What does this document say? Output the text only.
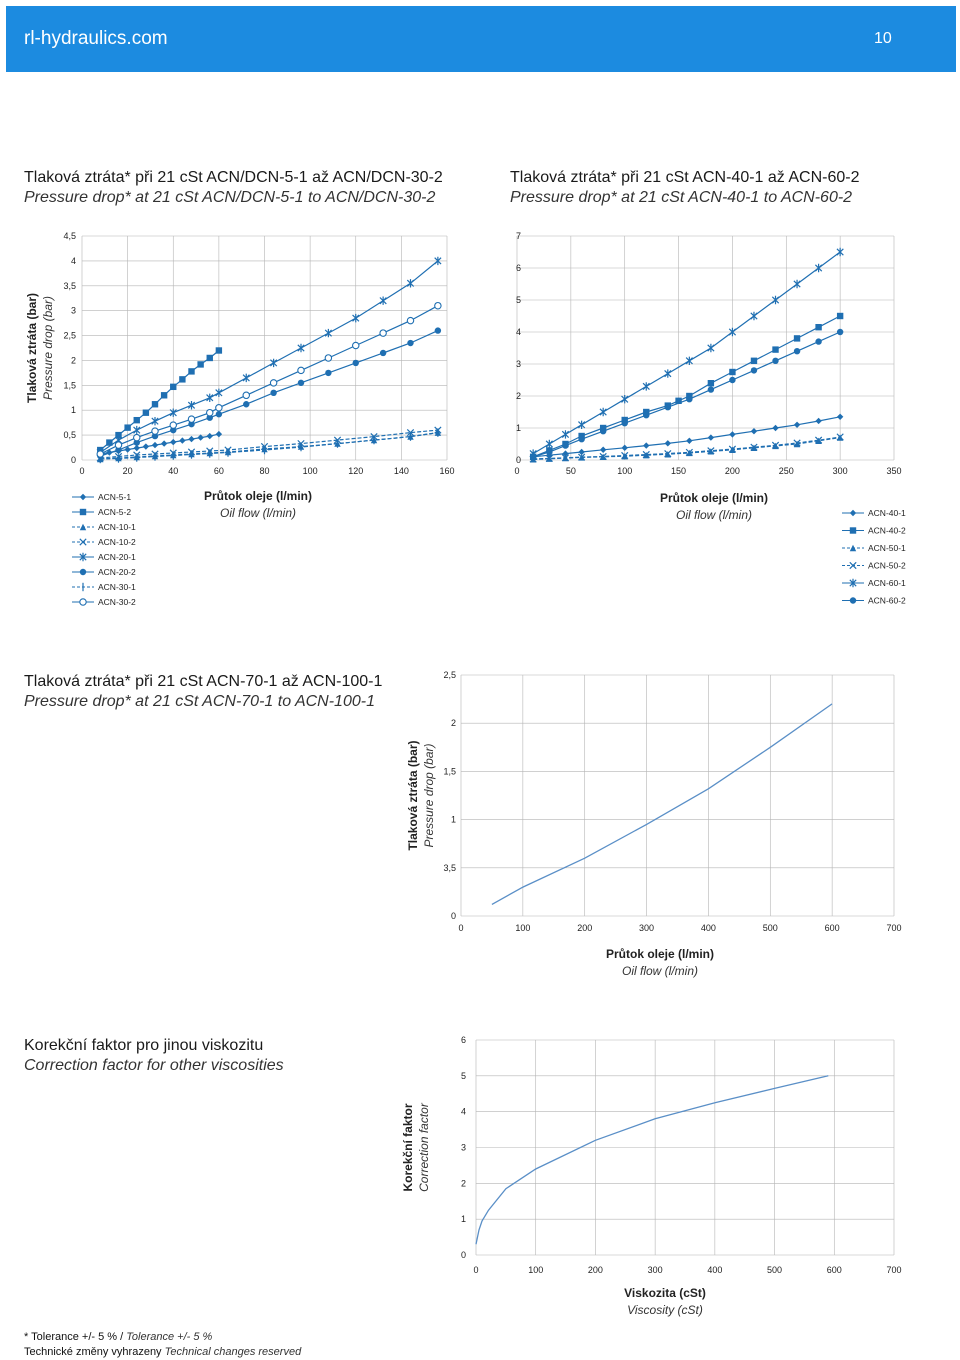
rl-hydraulics.com	10
Tlaková ztráta* při 21 cSt ACN/DCN-5-1 až ACN/DCN-30-2
Pressure drop* at 21 cSt ACN/DCN-5-1 to ACN/DCN-30-2
Tlaková ztráta* při 21 cSt ACN-40-1 až ACN-60-2
Pressure drop* at 21 cSt ACN-40-1 to ACN-60-2
Tlaková ztráta* při 21 cSt ACN-70-1 až ACN-100-1
Pressure drop* at 21 cSt ACN-70-1 to ACN-100-1
Korekční faktor pro jinou viskozitu
Correction factor for other viscosities
0	20	40	60	80	100	120	140	160
0
0,5
1
1,5
2
2,5
3
3,5
4
4,5
Průtok oleje (l/min)
Oil flow (l/min)
Tlaková ztráta (bar) Pressure drop (bar)
ACN-5-1
ACN-5-2
ACN-10-1
ACN-10-2
ACN-20-1
ACN-20-2
ACN-30-1
ACN-30-2
0	50	100	150	200	250	300	350
0
1
2
3
4
5
6
7
Průtok oleje (l/min)
Oil flow (l/min)	ACN-40-1
ACN-40-2
ACN-50-1
ACN-50-2
ACN-60-1
ACN-60-2
0	100	200	300	400	500	600	700
0
3,5
1
1,5
2
2,5
Průtok oleje (l/min)
Oil flow (l/min)
Tlaková ztráta (bar) Pressure drop (bar)
0	100	200	300	400	500	600	700
0
1
2
3
4
5
6
Viskozita (cSt)
Viscosity (cSt)
Korekční faktor Correction factor
* Tolerance +/- 5 % / Tolerance +/- 5 %
Technické změny vyhrazeny Technical changes reserved
